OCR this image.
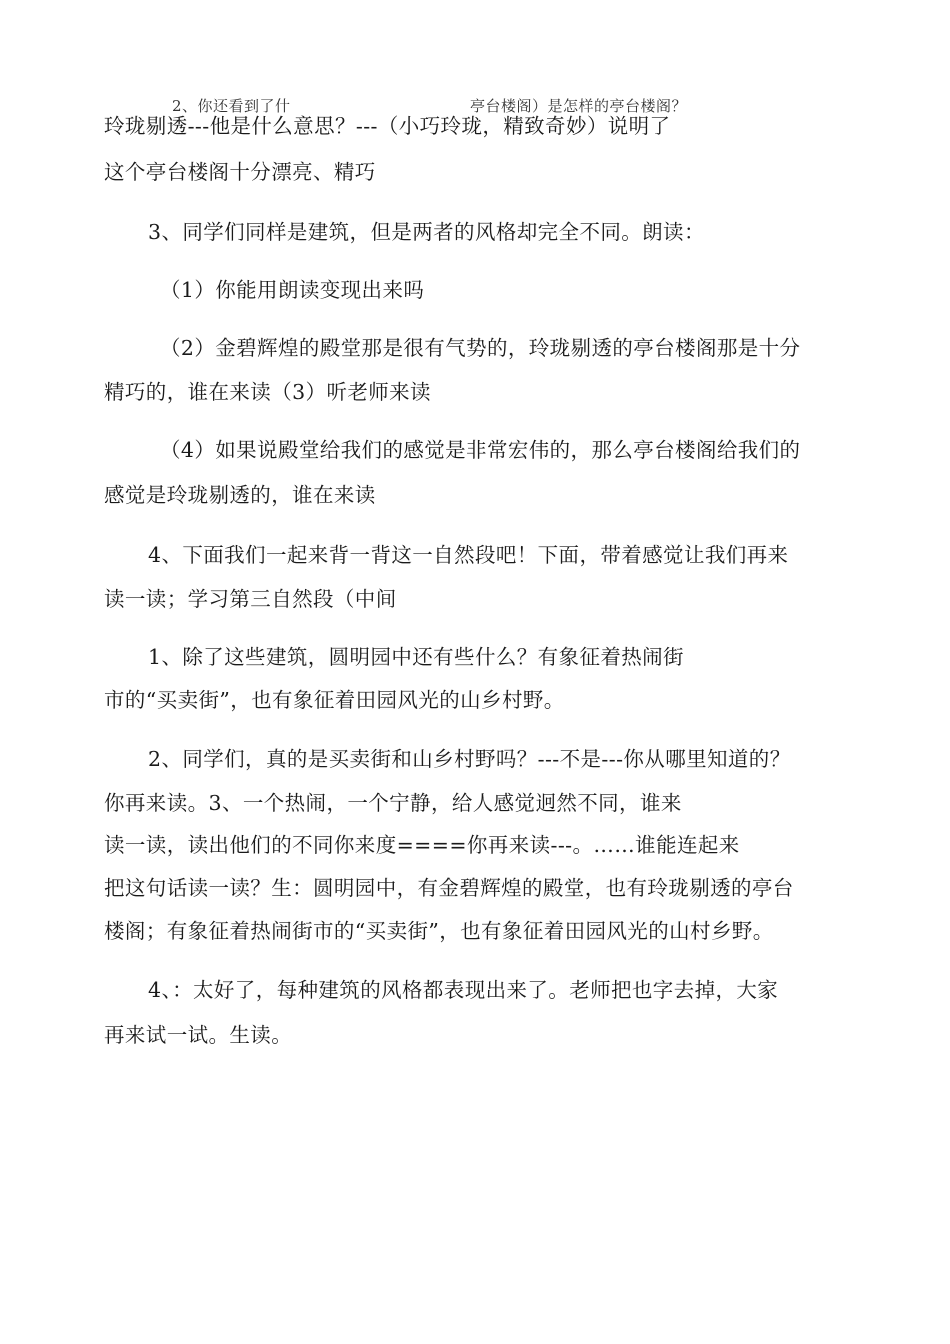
2、你还看到了什	亭台楼阁）是怎样的亭台楼阁？
玲珑剔透---他是什么意思？---（小巧玲珑，精致奇妙）说明了
这个亭台楼阁十分漂亮、精巧
3、同学们同样是建筑，但是两者的风格却完全不同。朗读：
（1）你能用朗读变现出来吗
（2）金碧辉煌的殿堂那是很有气势的，玲珑剔透的亭台楼阁那是十分
精巧的，谁在来读（3）听老师来读
（4）如果说殿堂给我们的感觉是非常宏伟的，那么亭台楼阁给我们的
感觉是玲珑剔透的，谁在来读
4、下面我们一起来背一背这一自然段吧！下面，带着感觉让我们再来
读一读；学习第三自然段（中间
1、除了这些建筑，圆明园中还有些什么？有象征着热闹街
市的“买卖街”，也有象征着田园风光的山乡村野。
2、同学们，真的是买卖街和山乡村野吗？---不是---你从哪里知道的？
你再来读。3、一个热闹，一个宁静，给人感觉迥然不同，谁来
读一读，读出他们的不同你来度====你再来读---。……谁能连起来
把这句话读一读？生：圆明园中，有金碧辉煌的殿堂，也有玲珑剔透的亭台
楼阁；有象征着热闹街市的“买卖街”，也有象征着田园风光的山村乡野。
4、：太好了，每种建筑的风格都表现出来了。老师把也字去掉，大家
再来试一试。生读。
